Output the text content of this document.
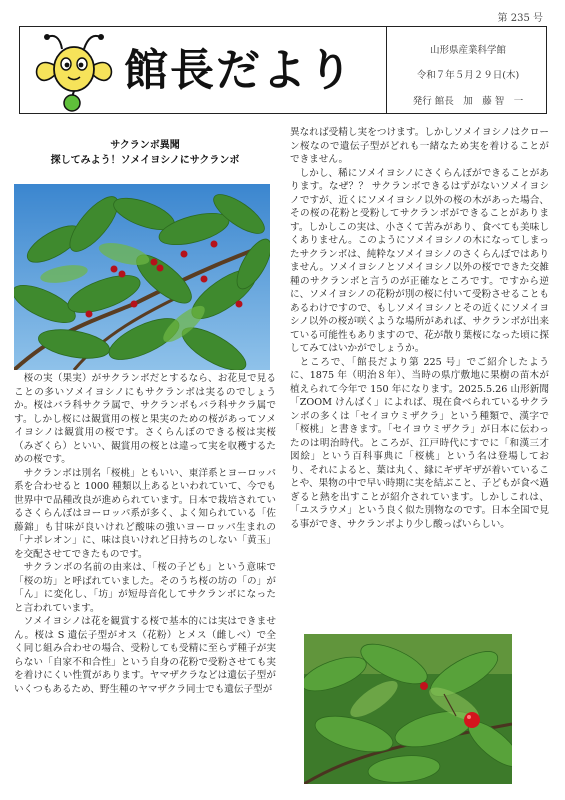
第 235 号
館長だより	山形県産業科学館
令和７年５月２９日(木)
発行 館長　加　藤 智　一
サクランボ異聞
探してみよう！ソメイヨシノにサクランボ

桜の実（果実）がサクランボだとするなら、お花見で見ることの多いソメイヨシノにもサクランボは実るのでしょうか。桜はバラ科サクラ属で、サクランボもバラ科サクラ属です。しかし桜には観賞用の桜と果実のための桜があってソメイヨシノは観賞用の桜です。さくらんぼのできる桜は実桜（みざくら）といい、観賞用の桜とは違って実を収穫するための桜です。

サクランボは別名「桜桃」ともいい、東洋系とヨーロッパ系を合わせると 1000 種類以上あるといわれていて、今でも世界中で品種改良が進められています。日本で栽培されているさくらんぼはヨーロッパ系が多く、よく知られている「佐藤錦」も甘味が良いけれど酸味の強いヨーロッパ生まれの「ナポレオン」に、味は良いけれど日持ちのしない「黄玉」を交配させてできたものです。

サクランボの名前の由来は、「桜の子ども」という意味で「桜の坊」と呼ばれていました。そのうち桜の坊の「の」が「ん」に変化し、「坊」が短母音化してサクランボになったと言われています。

ソメイヨシノは花を観賞する桜で基本的には実はできません。桜は S 遺伝子型がオス（花粉）とメス（雌しべ）で全く同じ組み合わせの場合、受粉しても受精に至らず種子が実らない「自家不和合性」という自身の花粉で受粉させても実を着けにくい性質があります。ヤマザクラなどは遺伝子型がいくつもあるため、野生種のヤマザクラ同士でも遺伝子型が

異なれば受精し実をつけます。しかしソメイヨシノはクローン桜なので遺伝子型がどれも一緒なため実を着けることができません。

しかし、稀にソメイヨシノにさくらんぼができることがあります。なぜ？？ サクランボできるはずがないソメイヨシノですが、近くにソメイヨシノ以外の桜の木があった場合、その桜の花粉と受粉してサクランボができることがあります。しかしこの実は、小さくて苦みがあり、食べても美味しくありません。このようにソメイヨシノの木になってしまったサクランボは、純粋なソメイヨシノのさくらんぼではありません。ソメイヨシノとソメイヨシノ以外の桜でできた交雑種のサクランボと言うのが正確なところです。ですから逆に、ソメイヨシノの花粉が別の桜に付いて受粉させることもあるわけですので、もしソメイヨシノとその近くにソメイヨシノ以外の桜が咲くような場所があれば、サクランボが出来ている可能性もありますので、花が散り葉桜になった頃に探してみてはいかがでしょうか。

ところで、「館長だより第 225 号」でご紹介したように、1875 年（明治８年）、当時の県庁敷地に果樹の苗木が植えられて今年で 150 年になります。2025.5.26 山形新聞「ZOOM けんばく」によれば、現在食べられているサクランボの多くは「セイヨウミザクラ」という種類で、漢字で「桜桃」と書きます。「セイヨウミザクラ」が日本に伝わったのは明治時代。ところが、江戸時代にすでに「和漢三才図絵」という百科事典に「桜桃」という名は登場しており、それによると、葉は丸く、縁にギザギザが着いていることや、果物の中で早い時期に実を結ぶこと、子どもが食べ過ぎると熱を出すことが紹介されています。しかしこれは、「ユスラウメ」という良く似た別物なのです。日本全国で見る事ができ、サクランボより少し酸っぱいらしい。
